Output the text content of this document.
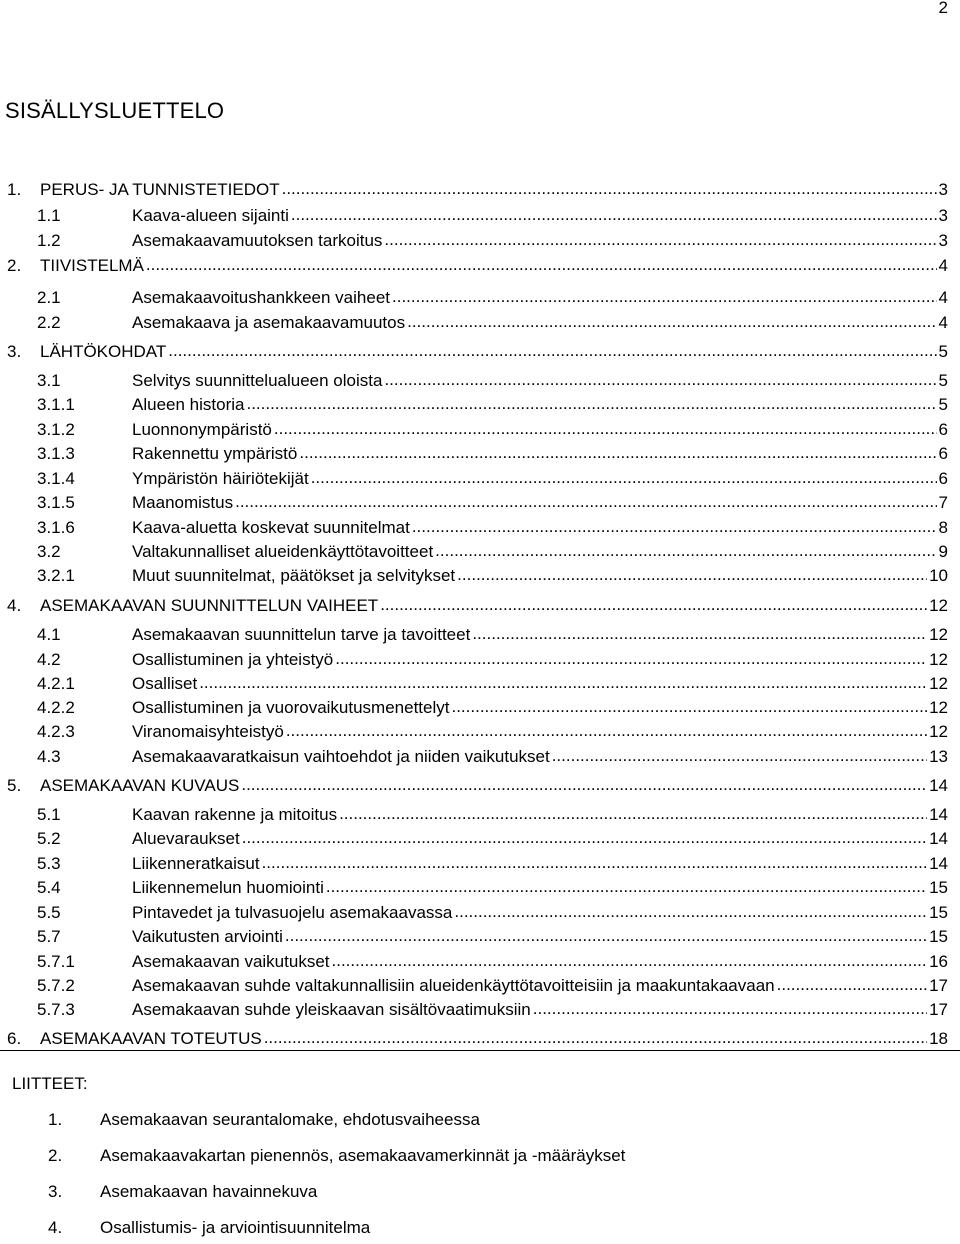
2
SISÄLLYSLUETTELO
1.	PERUS- JA TUNNISTETIEDOT .....	3
1.1	Kaava-alueen sijainti .....	3
1.2	Asemakaavamuutoksen tarkoitus .....	3
2.	TIIVISTELMÄ .....	4
2.1	Asemakaavoitushankkeen vaiheet .....	4
2.2	Asemakaava ja asemakaavamuutos .....	4
3.	LÄHTÖKOHDAT .....	5
3.1	Selvitys suunnittelualueen oloista .....	5
3.1.1	Alueen historia .....	5
3.1.2	Luonnonympäristö .....	6
3.1.3	Rakennettu ympäristö .....	6
3.1.4	Ympäristön häiriötekijät .....	6
3.1.5	Maanomistus .....	7
3.1.6	Kaava-aluetta koskevat suunnitelmat .....	8
3.2	Valtakunnalliset alueidenkäyttötavoitteet .....	9
3.2.1	Muut suunnitelmat, päätökset ja selvitykset .....	10
4.	ASEMAKAAVAN SUUNNITTELUN VAIHEET .....	12
4.1	Asemakaavan suunnittelun tarve ja tavoitteet .....	12
4.2	Osallistuminen ja yhteistyö .....	12
4.2.1	Osalliset .....	12
4.2.2	Osallistuminen ja vuorovaikutusmenettelyt .....	12
4.2.3	Viranomaisyhteistyö .....	12
4.3	Asemakaavaratkaisun vaihtoehdot ja niiden vaikutukset .....	13
5.	ASEMAKAAVAN KUVAUS .....	14
5.1	Kaavan rakenne ja mitoitus .....	14
5.2	Aluevaraukset .....	14
5.3	Liikenneratkaisut .....	14
5.4	Liikennemelun huomiointi .....	15
5.5	Pintavedet ja tulvasuojelu asemakaavassa .....	15
5.7	Vaikutusten arviointi .....	15
5.7.1	Asemakaavan vaikutukset .....	16
5.7.2	Asemakaavan suhde valtakunnallisiin alueidenkäyttötavoitteisiin ja maakuntakaavaan .....	17
5.7.3	Asemakaavan suhde yleiskaavan sisältövaatimuksiin .....	17
6.	ASEMAKAAVAN TOTEUTUS .....	18
LIITTEET:
1. Asemakaavan seurantalomake, ehdotusvaiheessa
2. Asemakaavakartan pienennös, asemakaavamerkinnät ja -määräykset
3. Asemakaavan havainnekuva
4. Osallistumis- ja arviointisuunnitelma
